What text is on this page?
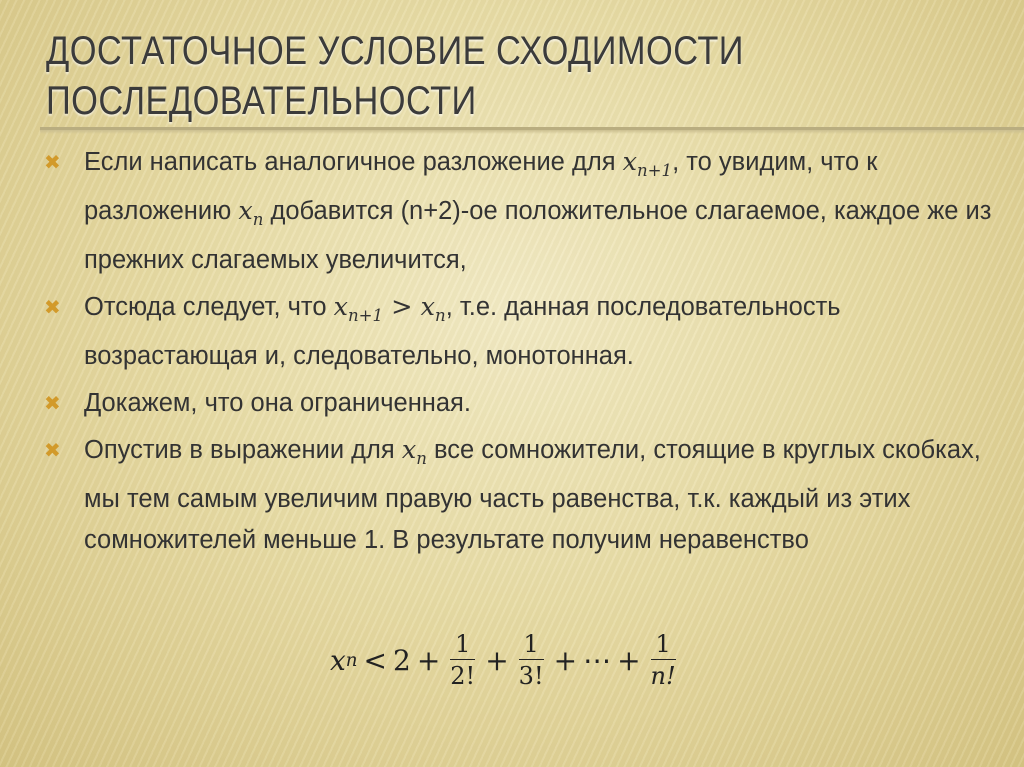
ДОСТАТОЧНОЕ УСЛОВИЕ СХОДИМОСТИ
ПОСЛЕДОВАТЕЛЬНОСТИ
✖ Если написать аналогичное разложение для $x_{n+1}$, то увидим, что к разложению $x_n$ добавится (n+2)-ое положительное слагаемое, каждое же из прежних слагаемых увеличится,
✖ Отсюда следует, что $x_{n+1} > x_n$, т.е. данная последовательность возрастающая и, следовательно, монотонная.
✖ Докажем, что она ограниченная.
✖ Опустив в выражении для $x_n$ все сомножители, стоящие в круглых скобках, мы тем самым увеличим правую часть равенства, т.к. каждый из этих сомножителей меньше 1. В результате получим неравенство
x $n < 2 + \frac{1}{2!} + \frac{1}{3!}$ + ⋯ + $\frac{1}{n!}$
